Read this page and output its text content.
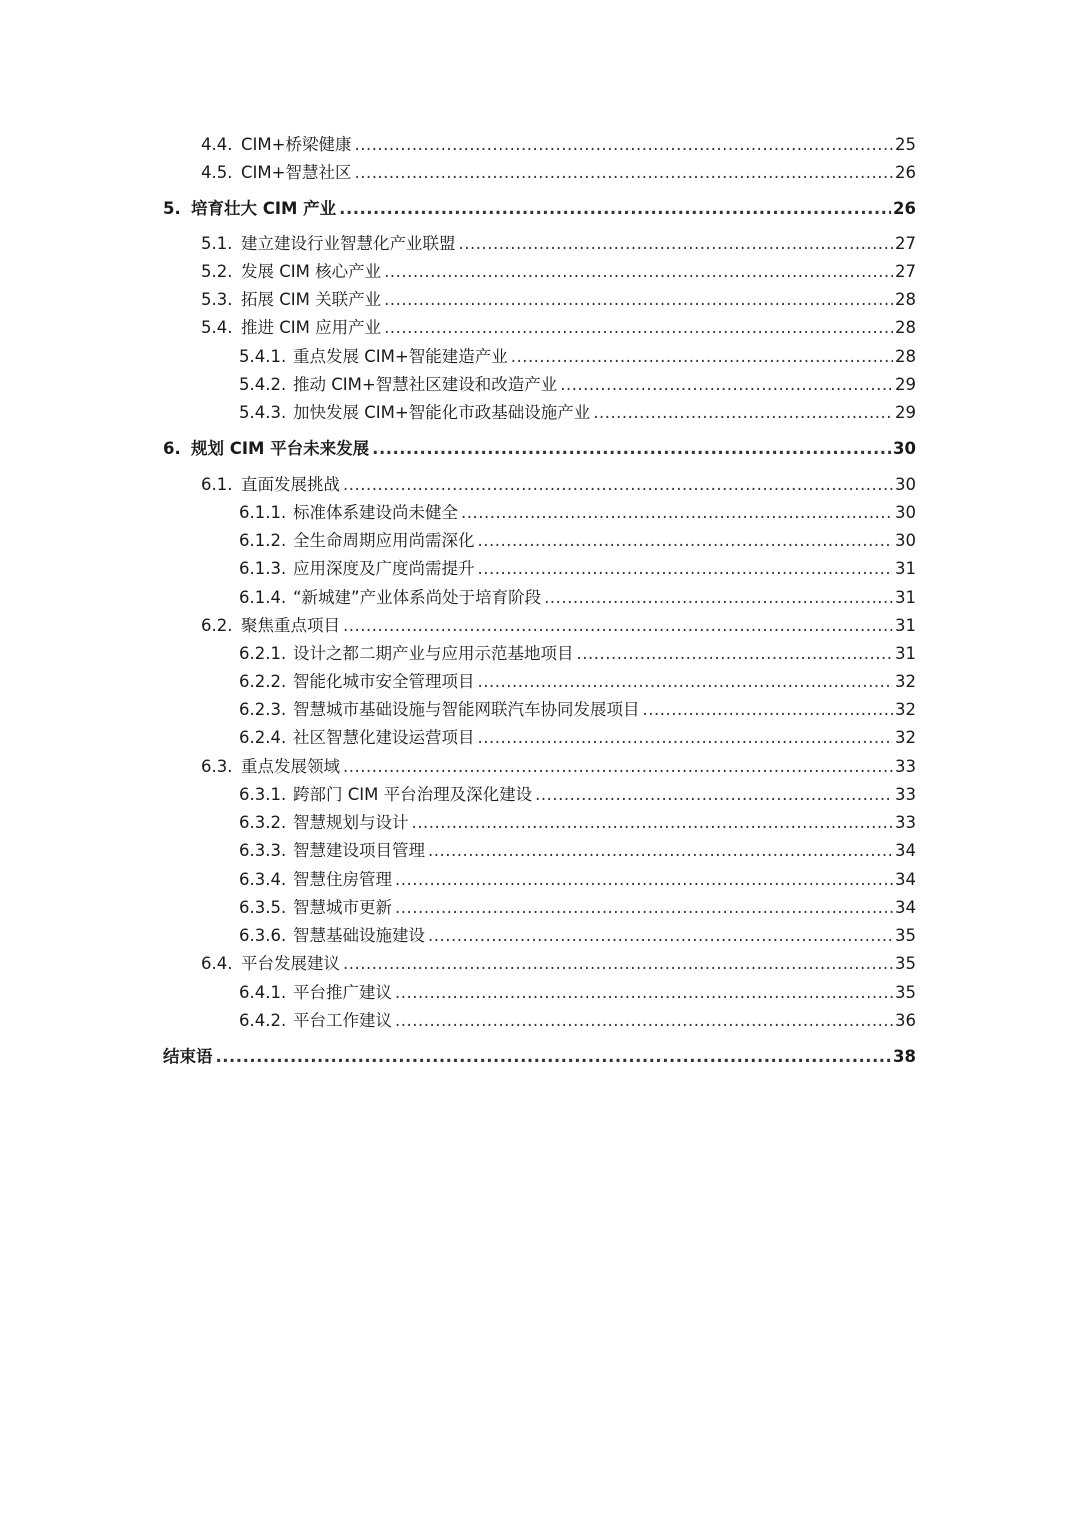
4.4. CIM+桥梁健康 .....	25
4.5. CIM+智慧社区 .....	26
5. 培育壮大 CIM 产业 .....	26
5.1. 建立建设行业智慧化产业联盟 .....	27
5.2. 发展 CIM 核心产业 .....	27
5.3. 拓展 CIM 关联产业 .....	28
5.4. 推进 CIM 应用产业 .....	28
5.4.1. 重点发展 CIM+智能建造产业 .....	28
5.4.2. 推动 CIM+智慧社区建设和改造产业 .....	29
5.4.3. 加快发展 CIM+智能化市政基础设施产业 .....	29
6. 规划 CIM 平台未来发展 .....	30
6.1. 直面发展挑战 .....	30
6.1.1. 标准体系建设尚未健全 .....	30
6.1.2. 全生命周期应用尚需深化 .....	30
6.1.3. 应用深度及广度尚需提升 .....	31
6.1.4. “新城建”产业体系尚处于培育阶段 .....	31
6.2. 聚焦重点项目 .....	31
6.2.1. 设计之都二期产业与应用示范基地项目 .....	31
6.2.2. 智能化城市安全管理项目 .....	32
6.2.3. 智慧城市基础设施与智能网联汽车协同发展项目 .....	32
6.2.4. 社区智慧化建设运营项目 .....	32
6.3. 重点发展领域 .....	33
6.3.1. 跨部门 CIM 平台治理及深化建设 .....	33
6.3.2. 智慧规划与设计 .....	33
6.3.3. 智慧建设项目管理 .....	34
6.3.4. 智慧住房管理 .....	34
6.3.5. 智慧城市更新 .....	34
6.3.6. 智慧基础设施建设 .....	35
6.4. 平台发展建议 .....	35
6.4.1. 平台推广建议 .....	35
6.4.2. 平台工作建议 .....	36
结束语 .....	38
